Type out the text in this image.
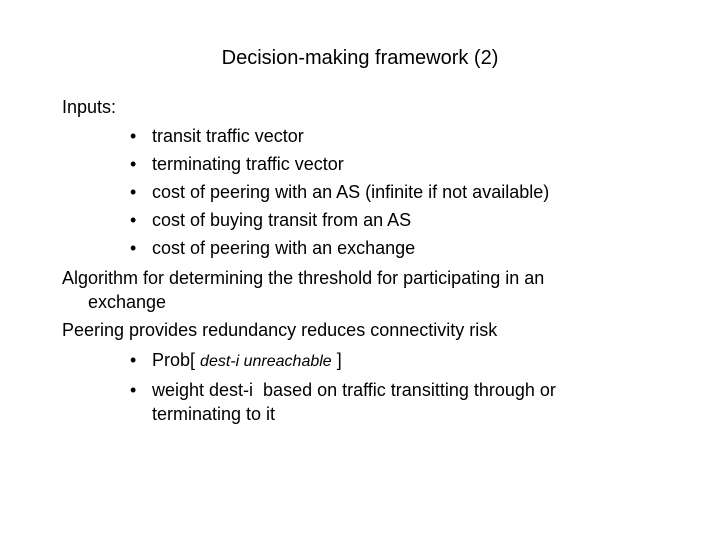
Decision-making framework (2)
Inputs:
• transit traffic vector
• terminating traffic vector
• cost of peering with an AS (infinite if not available)
• cost of buying transit from an AS
• cost of peering with an exchange
Algorithm for determining the threshold for participating in an
exchange
Peering provides redundancy reduces connectivity risk
• Prob[ dest-i unreachable ]
• weight dest-i  based on traffic transitting through or
terminating to it
